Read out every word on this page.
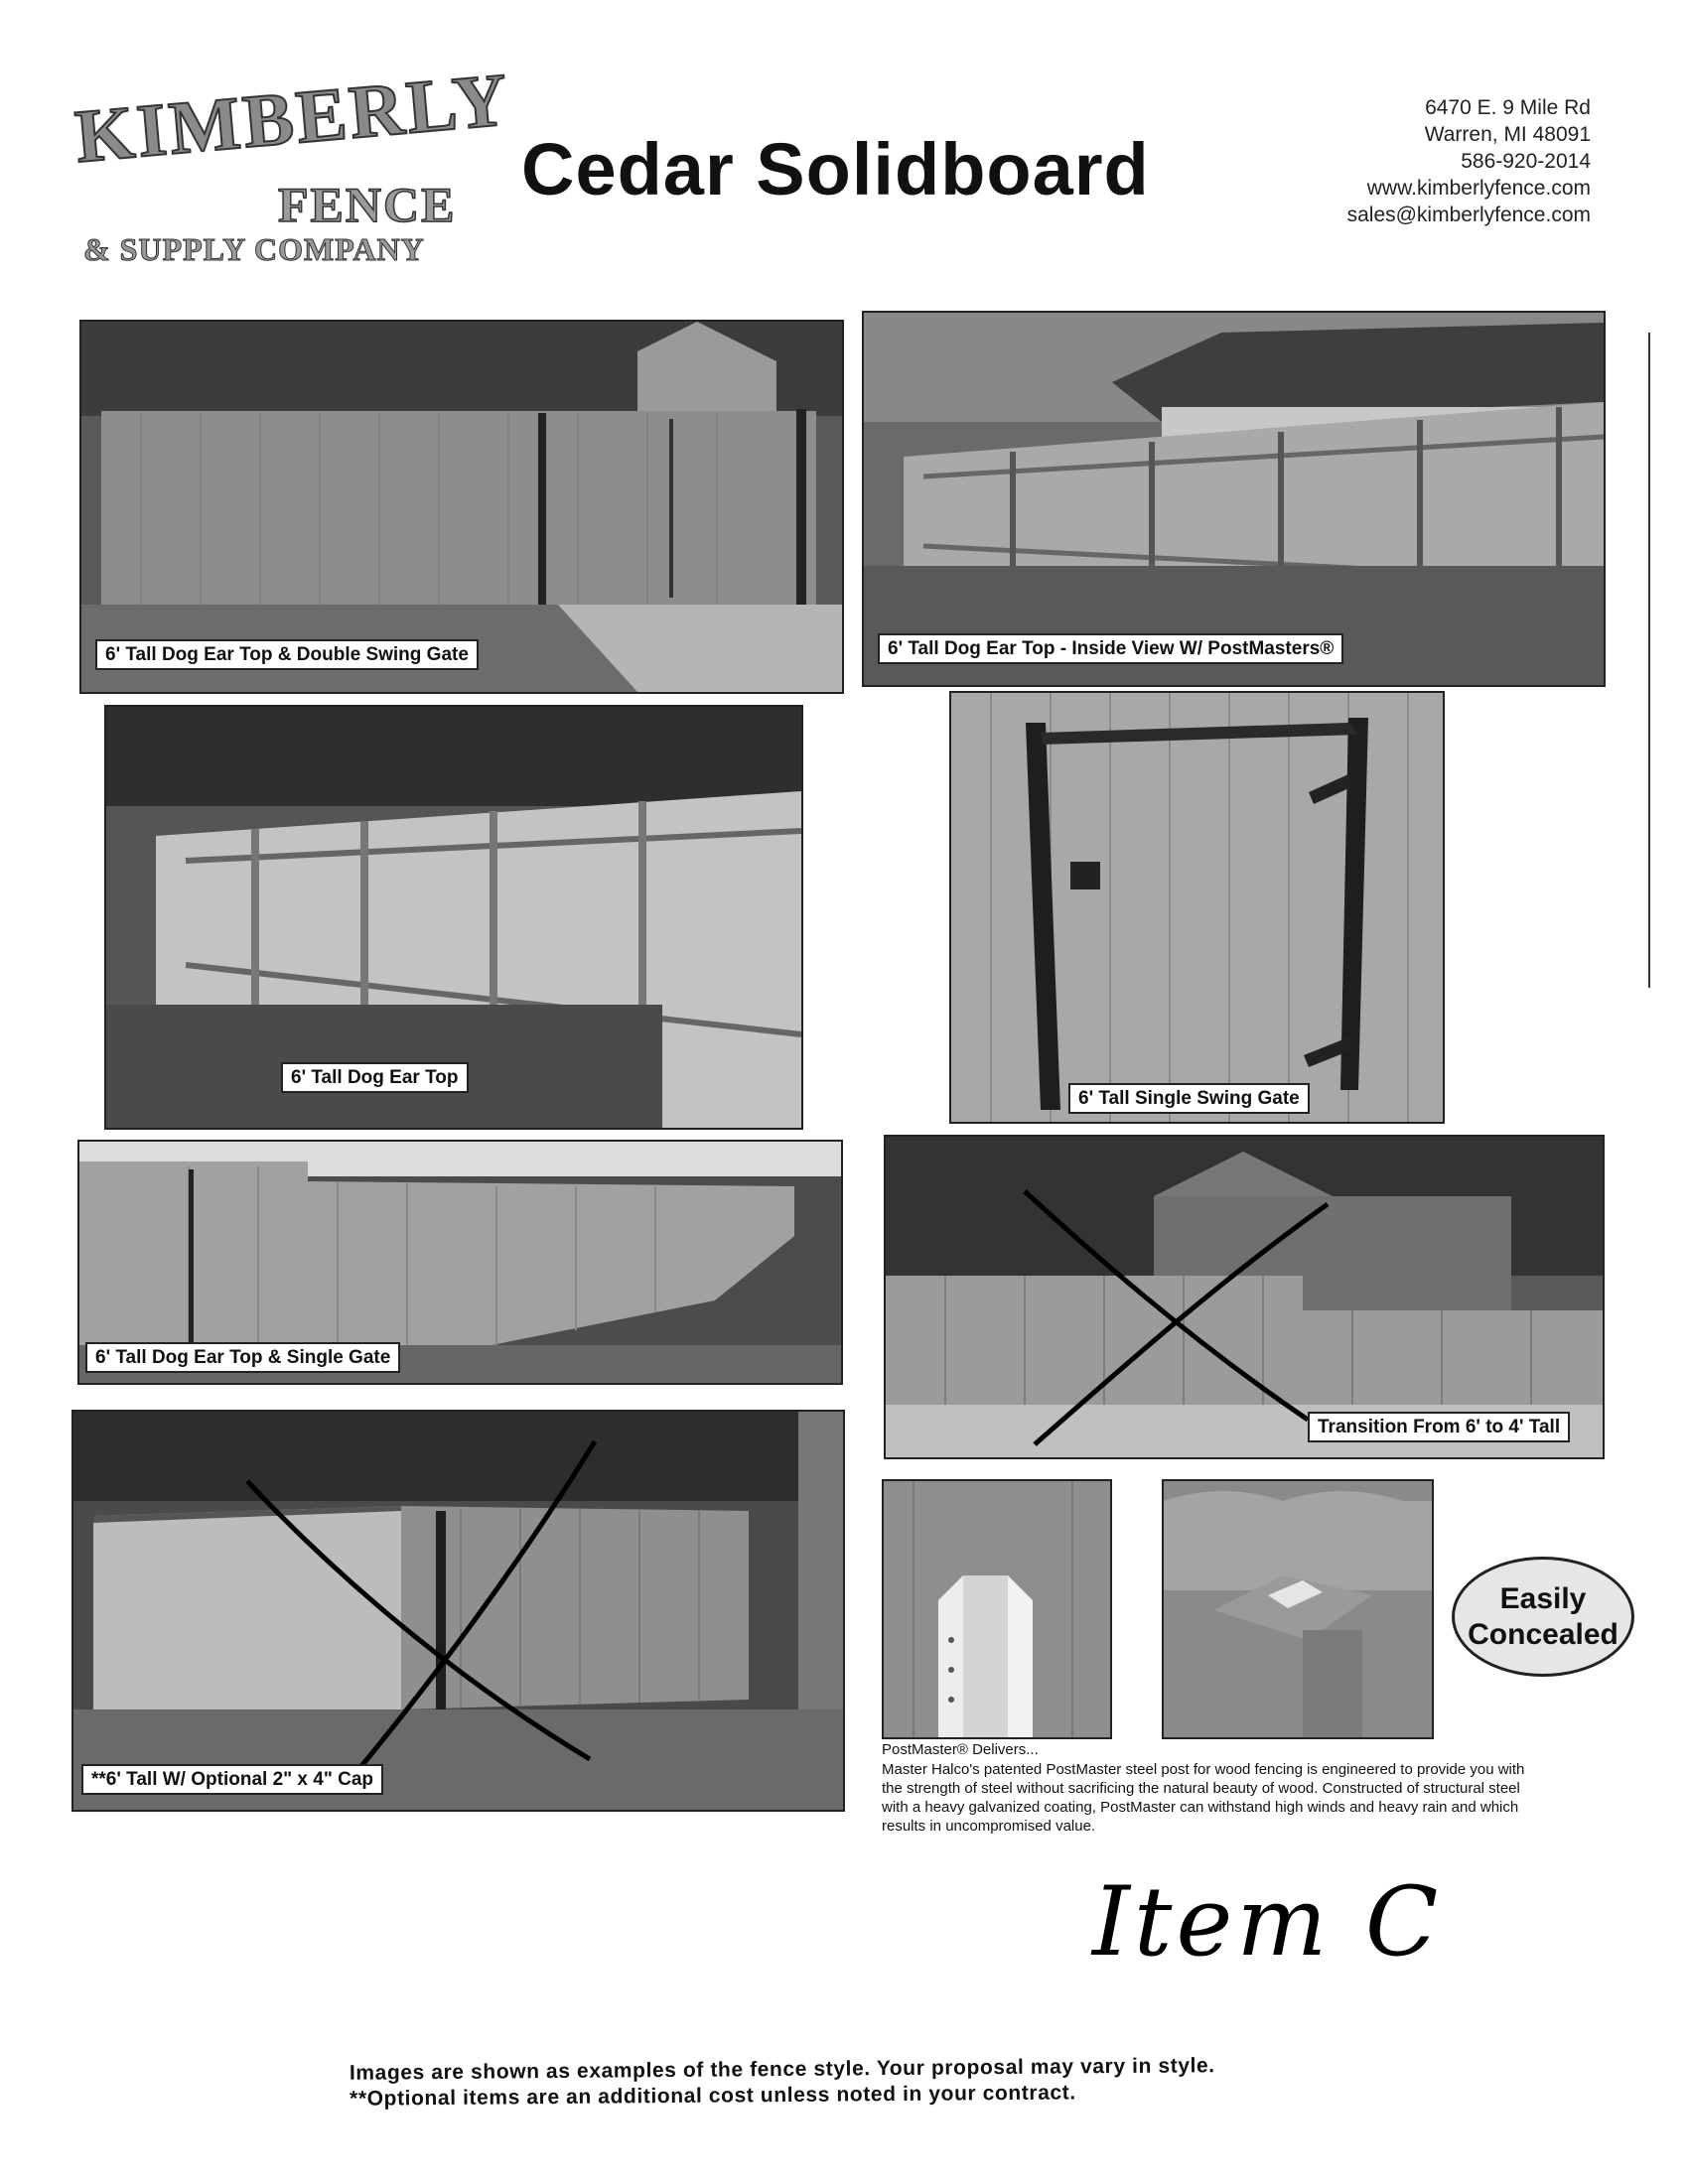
KIMBERLY
FENCE
& SUPPLY COMPANY
Cedar Solidboard
6470 E. 9 Mile Rd
Warren, MI 48091
586-920-2014
www.kimberlyfence.com
sales@kimberlyfence.com
6' Tall Dog Ear Top & Double Swing Gate	6' Tall Dog Ear Top - Inside View W/ PostMasters®
6' Tall Dog Ear Top
6' Tall Single Swing Gate
6' Tall Dog Ear Top & Single Gate
Transition From 6' to 4' Tall
**6' Tall W/ Optional 2" x 4" Cap
Easily
Concealed
PostMaster® Delivers...
Master Halco's patented PostMaster steel post for wood fencing is engineered to provide you with the strength of steel without sacrificing the natural beauty of wood. Constructed of structural steel with a heavy galvanized coating, PostMaster can withstand high winds and heavy rain and which results in uncompromised value.
Item C
Images are shown as examples of the fence style. Your proposal may vary in style.
**Optional items are an additional cost unless noted in your contract.
